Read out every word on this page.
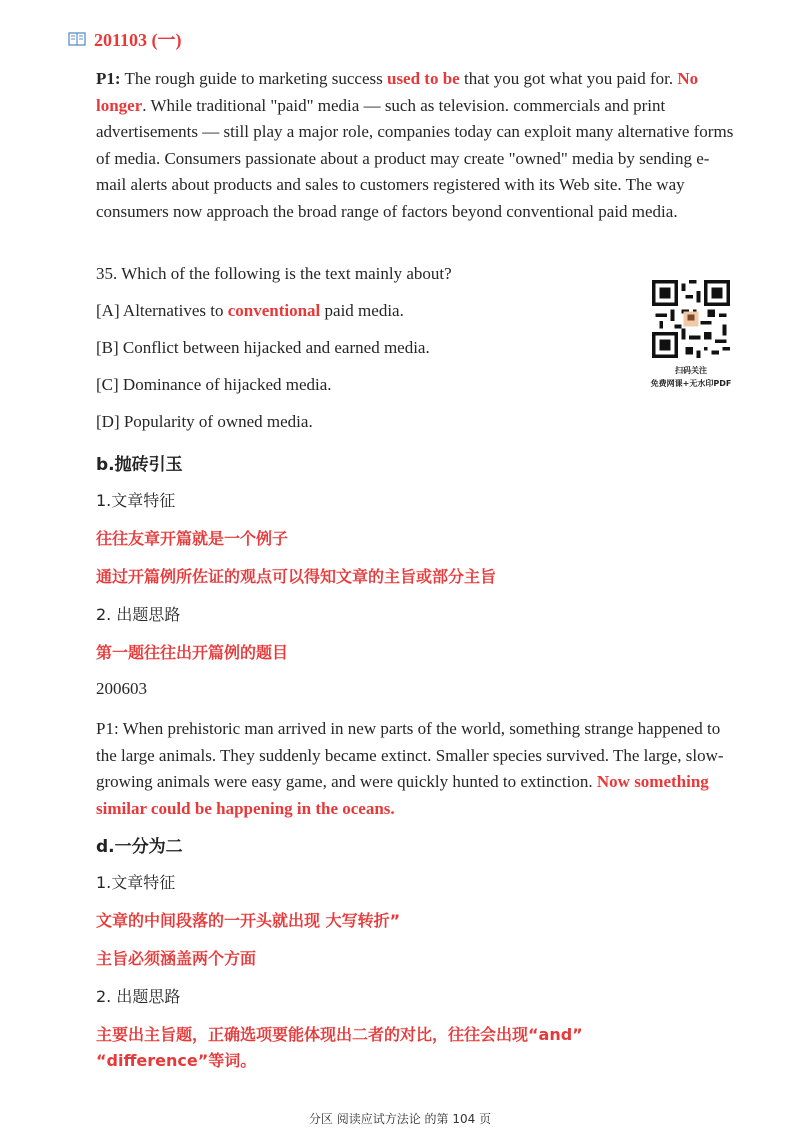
201103 (一)

P1: The rough guide to marketing success used to be that you got what you paid for. No longer. While traditional "paid" media — such as television. commercials and print advertisements — still play a major role, companies today can exploit many alternative forms of media. Consumers passionate about a product may create "owned" media by sending e-mail alerts about products and sales to customers registered with its Web site. The way consumers now approach the broad range of factors beyond conventional paid media.

35. Which of the following is the text mainly about?

[A] Alternatives to conventional paid media.

[B] Conflict between hijacked and earned media.

[C] Dominance of hijacked media.

[D] Popularity of owned media.

扫码关注
免费网课+无水印PDF

b.抛砖引玉

1.文章特征

往往友章开篇就是一个例子

通过开篇例所佐证的观点可以得知文章的主旨或部分主旨

2. 出题思路

第一题往往出开篇例的题目

200603

P1: When prehistoric man arrived in new parts of the world, something strange happened to the large animals. They suddenly became extinct. Smaller species survived. The large, slow-growing animals were easy game, and were quickly hunted to extinction. Now something similar could be happening in the oceans.

d.一分为二

1.文章特征

文章的中间段落的一开头就出现 大写转折”

主旨必须涵盖两个方面

2. 出题思路

主要出主旨题，正确选项要能体现出二者的对比，往往会出现“and” “difference”等词。

分区 阅读应试方法论 的第 104 页
